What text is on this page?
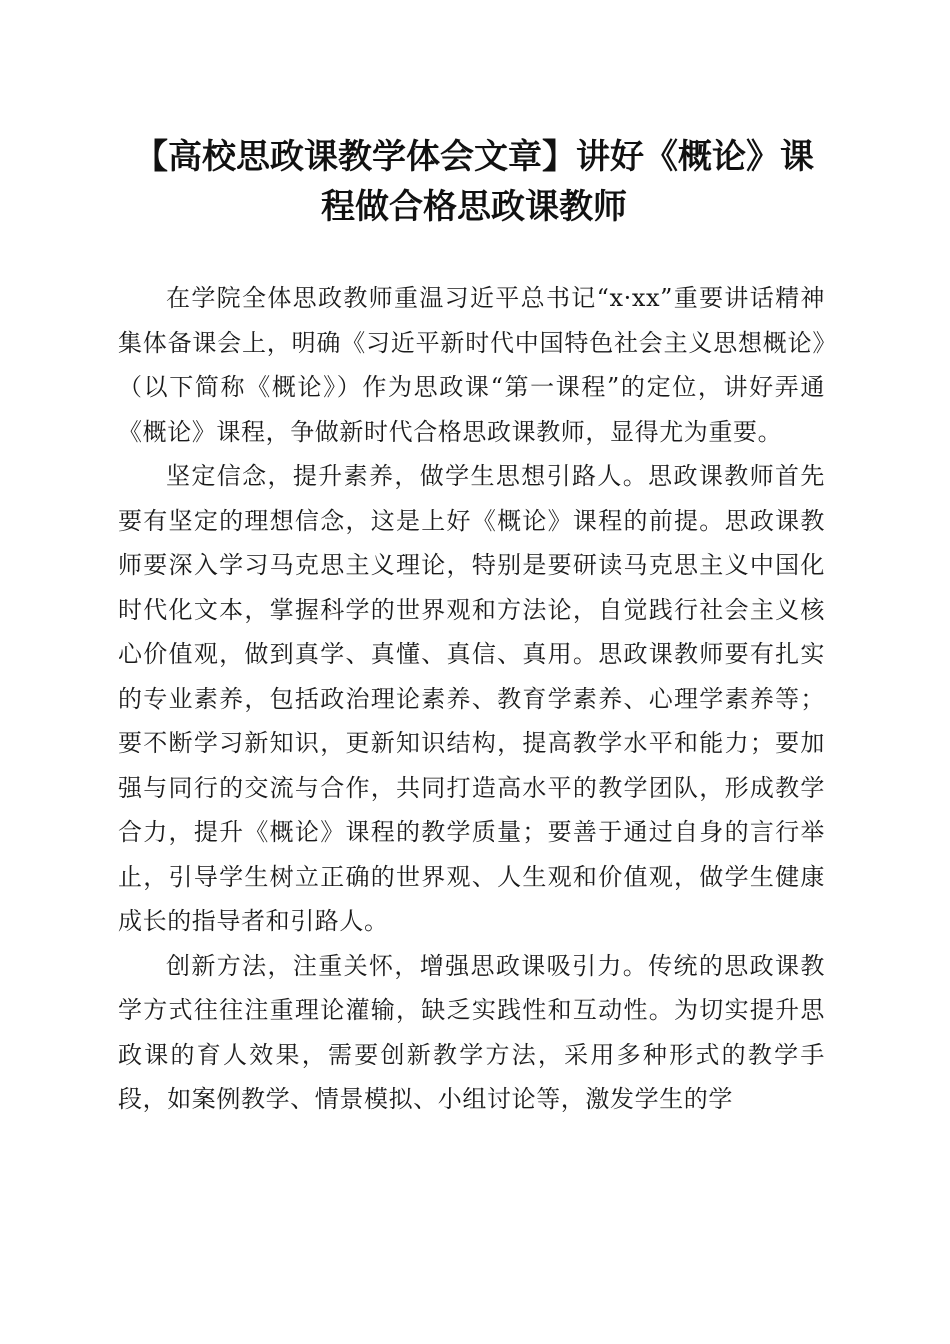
【高校思政课教学体会文章】讲好《概论》课程做合格思政课教师

在学院全体思政教师重温习近平总书记“x·xx”重要讲话精神集体备课会上，明确《习近平新时代中国特色社会主义思想概论》（以下简称《概论》）作为思政课“第一课程”的定位，讲好弄通《概论》课程，争做新时代合格思政课教师，显得尤为重要。

坚定信念，提升素养，做学生思想引路人。思政课教师首先要有坚定的理想信念，这是上好《概论》课程的前提。思政课教师要深入学习马克思主义理论，特别是要研读马克思主义中国化时代化文本，掌握科学的世界观和方法论，自觉践行社会主义核心价值观，做到真学、真懂、真信、真用。思政课教师要有扎实的专业素养，包括政治理论素养、教育学素养、心理学素养等；要不断学习新知识，更新知识结构，提高教学水平和能力；要加强与同行的交流与合作，共同打造高水平的教学团队，形成教学合力，提升《概论》课程的教学质量；要善于通过自身的言行举止，引导学生树立正确的世界观、人生观和价值观，做学生健康成长的指导者和引路人。

创新方法，注重关怀，增强思政课吸引力。传统的思政课教学方式往往注重理论灌输，缺乏实践性和互动性。为切实提升思政课的育人效果，需要创新教学方法，采用多种形式的教学手段，如案例教学、情景模拟、小组讨论等，激发学生的学
